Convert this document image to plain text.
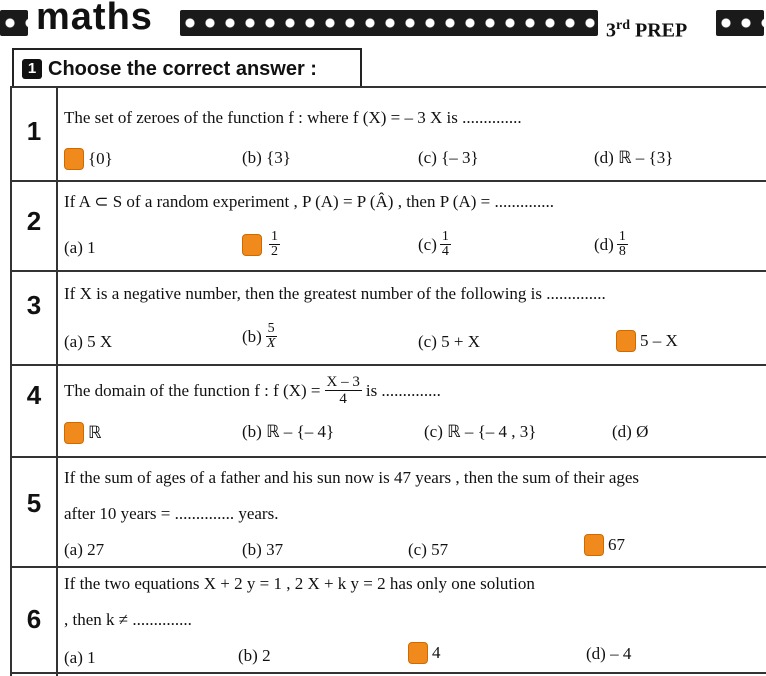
maths	3rd PREP
1 Choose the correct answer :
1	The set of zeroes of the function f : where f (X) = – 3 X is ..............
{0}	(b) {3}	(c) {– 3}	(d) ℝ – {3}
2
If A ⊂ S of a random experiment , P (A) = P (Â) , then P (A) = ..............
(a) 1	$\frac{1}{2}$	$(c) \frac{1}{4}$	$(d) \frac{1}{8}$
3	If X is a negative number, then the greatest number of the following is ..............
(a) 5 X	$(b) \frac{5}{X}$	(c) 5 + X	5 – X
4	The domain of the function f : f $(X) = \frac{X - 3}{4}$ is ..............
ℝ	(b) ℝ – {– 4}	(c) ℝ – {– 4 , 3}	(d) Ø
5
If the sum of ages of a father and his sun now is 47 years , then the sum of their ages
after 10 years = .............. years.
(a) 27	(b) 37	(c) 57	67
6
If the two equations X + 2 y = 1 , 2 X + k y = 2 has only one solution
, then k ≠ ..............
(a) 1	(b) 2	4	(d) – 4
